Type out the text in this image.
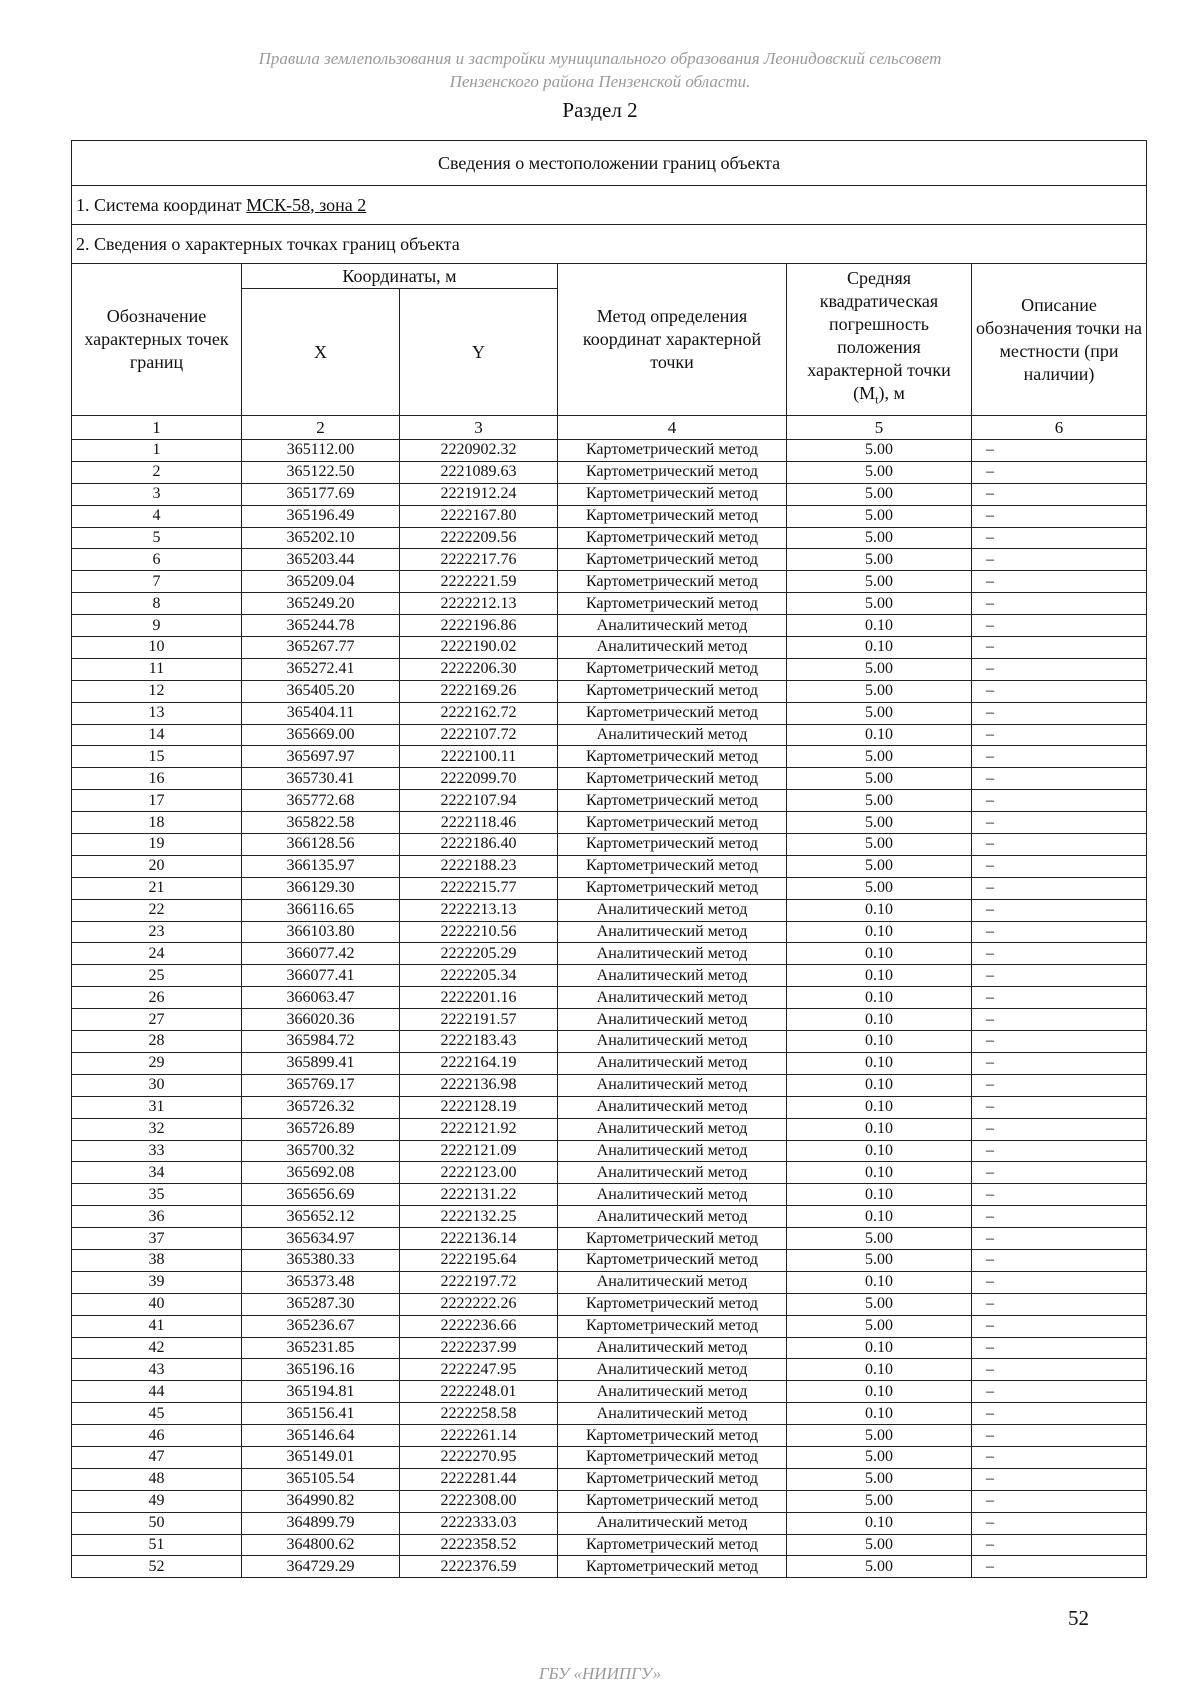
Правила землепользования и застройки муниципального образования Леонидовский сельсовет
Пензенского района Пензенской области.
Раздел 2
Сведения о местоположении границ объекта					
1. Система координат МСК-58, зона 2					
2. Сведения о характерных точках границ объекта					
Обозначение характерных точек границ	Координаты, м		Метод определения координат характерной точки	Средняя квадратическая погрешность положения характерной точки $(M_t)$, м	Описание обозначения точки на местности (при наличии)
	X	Y			
1	2	3	4	5	6
1	365112.00	2220902.32	Картометрический метод	5.00	–
2	365122.50	2221089.63	Картометрический метод	5.00	–
3	365177.69	2221912.24	Картометрический метод	5.00	–
4	365196.49	2222167.80	Картометрический метод	5.00	–
5	365202.10	2222209.56	Картометрический метод	5.00	–
6	365203.44	2222217.76	Картометрический метод	5.00	–
7	365209.04	2222221.59	Картометрический метод	5.00	–
8	365249.20	2222212.13	Картометрический метод	5.00	–
9	365244.78	2222196.86	Аналитический метод	0.10	–
10	365267.77	2222190.02	Аналитический метод	0.10	–
11	365272.41	2222206.30	Картометрический метод	5.00	–
12	365405.20	2222169.26	Картометрический метод	5.00	–
13	365404.11	2222162.72	Картометрический метод	5.00	–
14	365669.00	2222107.72	Аналитический метод	0.10	–
15	365697.97	2222100.11	Картометрический метод	5.00	–
16	365730.41	2222099.70	Картометрический метод	5.00	–
17	365772.68	2222107.94	Картометрический метод	5.00	–
18	365822.58	2222118.46	Картометрический метод	5.00	–
19	366128.56	2222186.40	Картометрический метод	5.00	–
20	366135.97	2222188.23	Картометрический метод	5.00	–
21	366129.30	2222215.77	Картометрический метод	5.00	–
22	366116.65	2222213.13	Аналитический метод	0.10	–
23	366103.80	2222210.56	Аналитический метод	0.10	–
24	366077.42	2222205.29	Аналитический метод	0.10	–
25	366077.41	2222205.34	Аналитический метод	0.10	–
26	366063.47	2222201.16	Аналитический метод	0.10	–
27	366020.36	2222191.57	Аналитический метод	0.10	–
28	365984.72	2222183.43	Аналитический метод	0.10	–
29	365899.41	2222164.19	Аналитический метод	0.10	–
30	365769.17	2222136.98	Аналитический метод	0.10	–
31	365726.32	2222128.19	Аналитический метод	0.10	–
32	365726.89	2222121.92	Аналитический метод	0.10	–
33	365700.32	2222121.09	Аналитический метод	0.10	–
34	365692.08	2222123.00	Аналитический метод	0.10	–
35	365656.69	2222131.22	Аналитический метод	0.10	–
36	365652.12	2222132.25	Аналитический метод	0.10	–
37	365634.97	2222136.14	Картометрический метод	5.00	–
38	365380.33	2222195.64	Картометрический метод	5.00	–
39	365373.48	2222197.72	Аналитический метод	0.10	–
40	365287.30	2222222.26	Картометрический метод	5.00	–
41	365236.67	2222236.66	Картометрический метод	5.00	–
42	365231.85	2222237.99	Аналитический метод	0.10	–
43	365196.16	2222247.95	Аналитический метод	0.10	–
44	365194.81	2222248.01	Аналитический метод	0.10	–
45	365156.41	2222258.58	Аналитический метод	0.10	–
46	365146.64	2222261.14	Картометрический метод	5.00	–
47	365149.01	2222270.95	Картометрический метод	5.00	–
48	365105.54	2222281.44	Картометрический метод	5.00	–
49	364990.82	2222308.00	Картометрический метод	5.00	–
50	364899.79	2222333.03	Аналитический метод	0.10	–
51	364800.62	2222358.52	Картометрический метод	5.00	–
52	364729.29	2222376.59	Картометрический метод	5.00	–
52
ГБУ «НИИПГУ»
